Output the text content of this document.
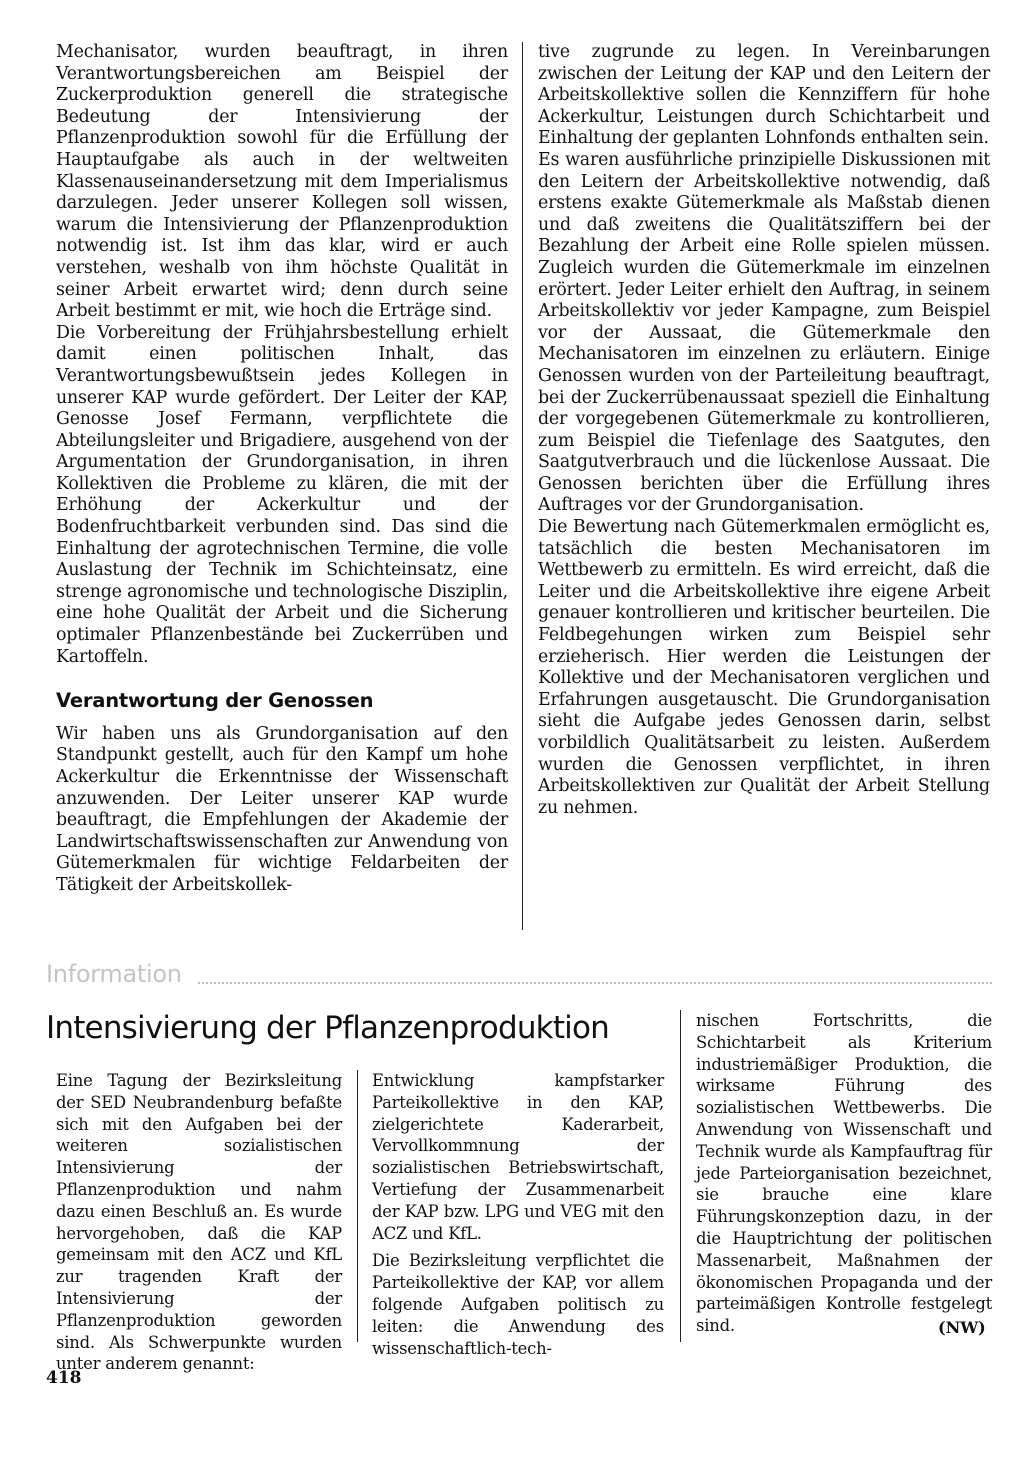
Mechanisator, wurden beauftragt, in ihren Verantwortungsbereichen am Beispiel der Zuckerproduktion generell die strategische Bedeutung der Intensivierung der Pflanzenproduktion sowohl für die Erfüllung der Hauptaufgabe als auch in der weltweiten Klassenauseinandersetzung mit dem Imperialismus darzulegen. Jeder unserer Kollegen soll wissen, warum die Intensivierung der Pflanzenproduktion notwendig ist. Ist ihm das klar, wird er auch verstehen, weshalb von ihm höchste Qualität in seiner Arbeit erwartet wird; denn durch seine Arbeit bestimmt er mit, wie hoch die Erträge sind.

Die Vorbereitung der Frühjahrsbestellung erhielt damit einen politischen Inhalt, das Verantwortungsbewußtsein jedes Kollegen in unserer KAP wurde gefördert. Der Leiter der KAP, Genosse Josef Fermann, verpflichtete die Abteilungsleiter und Brigadiere, ausgehend von der Argumentation der Grundorganisation, in ihren Kollektiven die Probleme zu klären, die mit der Erhöhung der Ackerkultur und der Bodenfruchtbarkeit verbunden sind. Das sind die Einhaltung der agrotechnischen Termine, die volle Auslastung der Technik im Schichteinsatz, eine strenge agronomische und technologische Disziplin, eine hohe Qualität der Arbeit und die Sicherung optimaler Pflanzenbestände bei Zuckerrüben und Kartoffeln.

Verantwortung der Genossen

Wir haben uns als Grundorganisation auf den Standpunkt gestellt, auch für den Kampf um hohe Ackerkultur die Erkenntnisse der Wissenschaft anzuwenden. Der Leiter unserer KAP wurde beauftragt, die Empfehlungen der Akademie der Landwirtschaftswissenschaften zur Anwendung von Gütemerkmalen für wichtige Feldarbeiten der Tätigkeit der Arbeitskollek-

tive zugrunde zu legen. In Vereinbarungen zwischen der Leitung der KAP und den Leitern der Arbeitskollektive sollen die Kennziffern für hohe Ackerkultur, Leistungen durch Schichtarbeit und Einhaltung der geplanten Lohnfonds enthalten sein.

Es waren ausführliche prinzipielle Diskussionen mit den Leitern der Arbeitskollektive notwendig, daß erstens exakte Gütemerkmale als Maßstab dienen und daß zweitens die Qualitätsziffern bei der Bezahlung der Arbeit eine Rolle spielen müssen. Zugleich wurden die Gütemerkmale im einzelnen erörtert. Jeder Leiter erhielt den Auftrag, in seinem Arbeitskollektiv vor jeder Kampagne, zum Beispiel vor der Aussaat, die Gütemerkmale den Mechanisatoren im einzelnen zu erläutern. Einige Genossen wurden von der Parteileitung beauftragt, bei der Zuckerrübenaussaat speziell die Einhaltung der vorgegebenen Gütemerkmale zu kontrollieren, zum Beispiel die Tiefenlage des Saatgutes, den Saatgutverbrauch und die lückenlose Aussaat. Die Genossen berichten über die Erfüllung ihres Auftrages vor der Grundorganisation.

Die Bewertung nach Gütemerkmalen ermöglicht es, tatsächlich die besten Mechanisatoren im Wettbewerb zu ermitteln. Es wird erreicht, daß die Leiter und die Arbeitskollektive ihre eigene Arbeit genauer kontrollieren und kritischer beurteilen. Die Feldbegehungen wirken zum Beispiel sehr erzieherisch. Hier werden die Leistungen der Kollektive und der Mechanisatoren verglichen und Erfahrungen ausgetauscht. Die Grundorganisation sieht die Aufgabe jedes Genossen darin, selbst vorbildlich Qualitätsarbeit zu leisten. Außerdem wurden die Genossen verpflichtet, in ihren Arbeitskollektiven zur Qualität der Arbeit Stellung zu nehmen.

Information
Intensivierung der Pflanzenproduktion

Eine Tagung der Bezirksleitung der SED Neubrandenburg befaßte sich mit den Aufgaben bei der weiteren sozialistischen Intensivierung der Pflanzenproduktion und nahm dazu einen Beschluß an. Es wurde hervorgehoben, daß die KAP gemeinsam mit den ACZ und KfL zur tragenden Kraft der Intensivierung der Pflanzenproduktion geworden sind. Als Schwerpunkte wurden unter anderem genannt:

Entwicklung kampfstarker Parteikollektive in den KAP, zielgerichtete Kaderarbeit, Vervollkommnung der sozialistischen Betriebswirtschaft, Vertiefung der Zusammenarbeit der KAP bzw. LPG und VEG mit den ACZ und KfL.

Die Bezirksleitung verpflichtet die Parteikollektive der KAP, vor allem folgende Aufgaben politisch zu leiten: die Anwendung des wissenschaftlich-tech-

nischen Fortschritts, die Schichtarbeit als Kriterium industriemäßiger Produktion, die wirksame Führung des sozialistischen Wettbewerbs. Die Anwendung von Wissenschaft und Technik wurde als Kampfauftrag für jede Parteiorganisation bezeichnet, sie brauche eine klare Führungskonzeption dazu, in der die Hauptrichtung der politischen Massenarbeit, Maßnahmen der ökonomischen Propaganda und der parteimäßigen Kontrolle festgelegt sind.	(NW)
418
